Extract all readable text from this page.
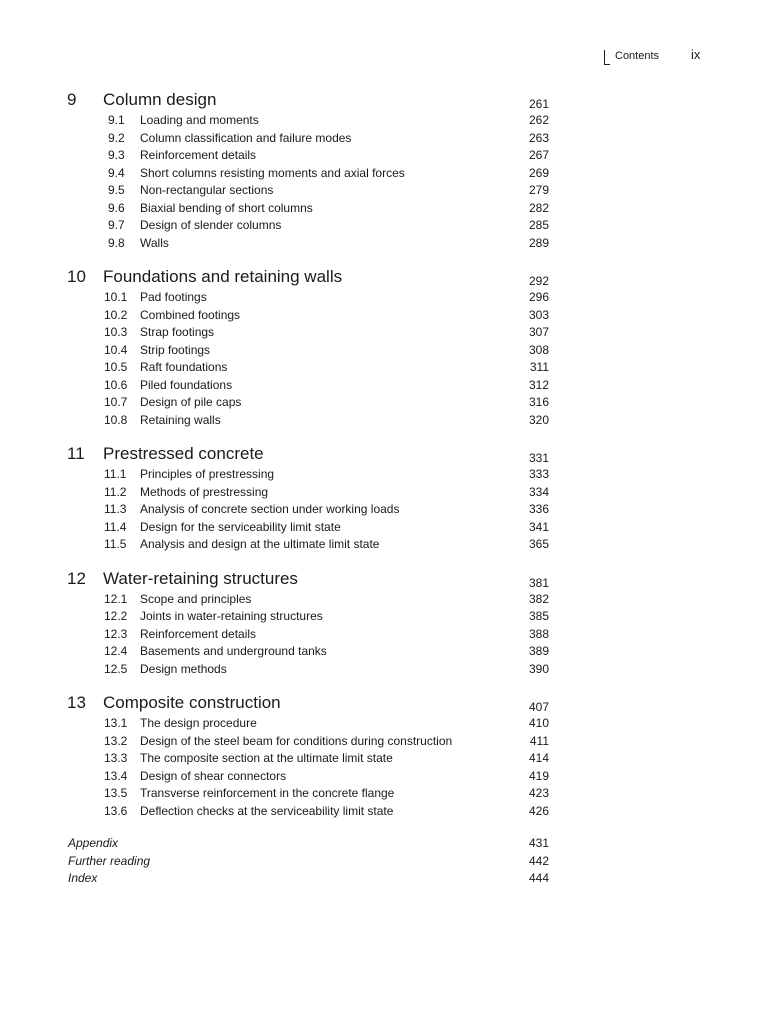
Contents ix
9 Column design	261
9.1	Loading and moments	262
9.2	Column classification and failure modes	263
9.3	Reinforcement details	267
9.4	Short columns resisting moments and axial forces	269
9.5	Non-rectangular sections	279
9.6	Biaxial bending of short columns	282
9.7	Design of slender columns	285
9.8	Walls	289
10 Foundations and retaining walls	292
10.1	Pad footings	296
10.2	Combined footings	303
10.3	Strap footings	307
10.4	Strip footings	308
10.5	Raft foundations	311
10.6	Piled foundations	312
10.7	Design of pile caps	316
10.8	Retaining walls	320
11 Prestressed concrete	331
11.1	Principles of prestressing	333
11.2	Methods of prestressing	334
11.3	Analysis of concrete section under working loads	336
11.4	Design for the serviceability limit state	341
11.5	Analysis and design at the ultimate limit state	365
12 Water-retaining structures	381
12.1	Scope and principles	382
12.2	Joints in water-retaining structures	385
12.3	Reinforcement details	388
12.4	Basements and underground tanks	389
12.5	Design methods	390
13 Composite construction	407
13.1	The design procedure	410
13.2	Design of the steel beam for conditions during construction	411
13.3	The composite section at the ultimate limit state	414
13.4	Design of shear connectors	419
13.5	Transverse reinforcement in the concrete flange	423
13.6	Deflection checks at the serviceability limit state	426
Appendix	431
Further reading	442
Index	444
